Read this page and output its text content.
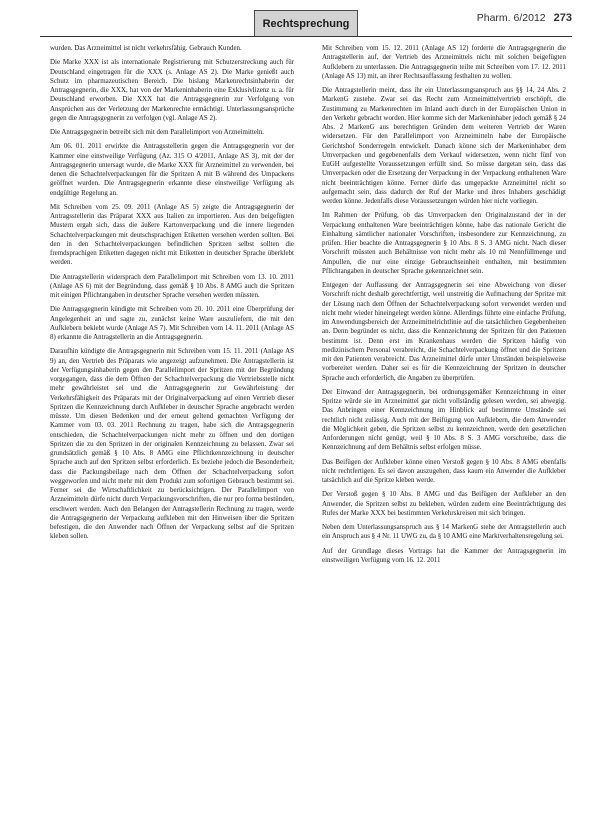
Rechtsprechung	Pharm. 6/2012 273

wurden. Das Arzneimittel ist nicht verkehrsfähig. Gebrauch Kunden.

Die Marke XXX ist als internationale Registrierung mit Schutzerstreckung auch für Deutschland eingetragen für die XXX (s. Anlage AS 2). Die Marke genießt auch Schutz im pharmazeutischen Bereich. Die bislang Markenrechtsinhaberin der Antragsgegnerin, die XXX, hat von der Markeninhaberin eine Exklusivlizenz u. a. für Deutschland erworben. Die XXX hat die Antragsgegnerin zur Verfolgung von Ansprüchen aus der Verletzung der Markenrechte ermächtigt. Unterlassungsansprüche gegen die Antragsgegnerin zu verfolgen (vgl. Anlage AS 2).

Die Antragsgegnerin betreibt sich mit dem Parallelimport von Arzneimitteln.

Am 06. 01. 2011 erwirkte die Antragsstellerin gegen die Antragsgegnerin vor der Kammer eine einstweilige Verfügung (Az. 315 O 4/2011, Anlage AS 3), mit der der Antragsgegnerin untersagt wurde, die Marke XXX für Arzneimittel zu verwenden, bei denen die Schachtelverpackungen für die Spritzen A mit B während des Umpackens geöffnet wurden. Die Antragsgegnerin erkannte diese einstweilige Verfügung als endgültige Regelung an.

Mit Schreiben vom 25. 09. 2011 (Anlage AS 5) zeigte die Antragsgegnerin der Antragsstellerin das Präparat XXX aus Italien zu importieren. Aus den beigefügten Mustern ergab sich, dass die äußere Kartonverpackung und die innere liegenden Schachtelverpackungen mit deutschsprachigen Etiketten versehen werden sollten. Bei den in den Schachtelverpackungen befindlichen Spritzen selbst sollten die fremdsprachigen Etiketten dagegen nicht mit Etiketten in deutscher Sprache überklebt werden.

Die Antragstellerin widersprach dem Parallelimport mit Schreiben vom 13. 10. 2011 (Anlage AS 6) mit der Begründung, dass gemäß § 10 Abs. 8 AMG auch die Spritzen mit einigen Pflichtangaben in deutscher Sprache versehen werden müssten.

Die Antragsgegnerin kündigte mit Schreiben vom 20. 10. 2011 eine Überprüfung der Angelegenheit an und sagte zu, zunächst keine Ware auszuliefern, die mit den Aufklebern beklebt wurde (Anlage AS 7). Mit Schreiben vom 14. 11. 2011 (Anlage AS 8) erkannte die Antragstellerin an die Antragsgegnerin.

Daraufhin kündigte die Antragsgegnerin mit Schreiben vom 15. 11. 2011 (Anlage AS 9) an, den Vertrieb des Präparats wie angezeigt aufzunehmen. Die Antragstellerin ist der Verfügungsinhaberin gegen den Parallelimport der Spritzen mit der Begründung vorgegangen, dass die dem Öffnen der Schachtelverpackung die Vertriebsstelle nicht mehr gewährleistet sei und die Antragsgegnerin zur Gewährleistung der Verkehrsfähigkeit des Präparats mit der Originalverpackung auf einen Vertrieb dieser Spritzen die Kennzeichnung durch Aufkleber in deutscher Sprache angebracht werden müsste. Um diesen Bedenken und der erneut geltend gemachten Verfügung der Kammer vom 03. 03. 2011 Rechnung zu tragen, habe sich die Antragsgegnerin entschieden, die Schachtelverpackungen nicht mehr zu öffnen und den dortigen Spritzen die zu den Spritzen in der originalen Kennzeichnung zu belassen. Zwar sei grundsätzlich gemäß § 10 Abs. 8 AMG eine Pflichtkennzeichnung in deutscher Sprache auch auf den Spritzen selbst erforderlich. Es beziehe jedoch die Besonderheit, dass die Packungsbeilage nach dem Öffnen der Schachtelverpackung sofort weggeworfen und nicht mehr mit dem Produkt zum sofortigen Gebrauch bestimmt sei. Ferner sei die Wirtschaftlichkeit zu berücksichtigen. Der Parallelimport von Arzneimitteln dürfe nicht durch Verpackungsvorschriften, die nur pro forma bestünden, erschwert werden. Auch den Belangen der Antragstellerin Rechnung zu tragen, werde die Antragsgegnerin der Verpackung aufkleben mit den Hinweisen über die Spritzen befestigen, die den Anwender nach Öffnen der Verpackung selbst auf die Spritzen kleben sollen.

Mit Schreiben vom 15. 12. 2011 (Anlage AS 12) forderte die Antragsgegnerin die Antragstellerin auf, der Vertrieb des Arzneimittels nicht mit solchen beigefügten Aufklebern zu unterlassen. Die Antragsgegnerin teilte mit Schreiben vom 17. 12. 2011 (Anlage AS 13) mit, an ihrer Rechtsauffassung festhalten zu wollen.

Die Antragstellerin meint, dass ihr ein Unterlassungsanspruch aus §§ 14, 24 Abs. 2 MarkenG zustehe. Zwar sei das Recht zum Arzneimittelvertrieb erschöpft, die Zustimmung zu Markenrechten im Inland auch durch in der Europäischen Union in den Verkehr gebracht worden. Hier komme sich der Markeninhaber jedoch gemäß § 24 Abs. 2 MarkenG aus berechtigten Gründen dem weiteren Vertrieb der Waren widersetzen. Für den Parallelimport von Arzneimitteln habe der Europäische Gerichtshof Sonderregeln entwickelt. Danach könne sich der Markeninhaber dem Umverpacken und gegebenenfalls dem Verkauf widersetzen, wenn nicht fünf von EuGH aufgestellte Voraussetzungen erfüllt sind. So müsse dargetan sein, dass das Umverpacken oder die Ersetzung der Verpackung in der Verpackung enthaltenen Ware nicht beeinträchtigen könne. Ferner dürfe das umgepackte Arzneimittel nicht so aufgemacht sein, dass dadurch der Ruf der Marke und ihres Inhabers geschädigt werden könne. Jedenfalls diese Voraussetzungen würden hier nicht vorliegen.

Im Rahmen der Prüfung, ob das Umverpacken den Originalzustand der in der Verpackung enthaltenen Ware beeinträchtigen könne, habe das nationale Gericht die Einhaltung sämtlicher nationaler Vorschriften, insbesondere zur Kennzeichnung, zu prüfen. Hier beachte die Antragsgegnerin § 10 Abs. 8 S. 3 AMG nicht. Nach dieser Vorschrift müssten auch Behältnisse von nicht mehr als 10 ml Nennfüllmenge und Ampullen, die nur eine einzige Gebrauchseinheit enthalten, mit bestimmten Pflichtangaben in deutscher Sprache gekennzeichnet sein.

Entgegen der Auffassung der Antragsgegnerin sei eine Abweichung von dieser Vorschrift nicht deshalb gerechtfertigt, weil unstreitig die Aufmachung der Spritze mit der Lösung nach dem Öffnen der Schachtelverpackung sofort verwendet werden und nicht mehr wieder hineingelegt werden könne. Allerdings führte eine einfache Prüfung, im Anwendungsbereich der Arzneimittelrichtlinie auf die tatsächlichen Gegebenheiten an. Denn begründet es nicht, dass die Kennzeichnung der Spritzen für den Patienten bestimmt ist. Denn erst im Krankenhaus werden die Spritzen häufig von medizinischem Personal verabreicht, die Schachtelverpackung öffnet und die Spritzen mit den Patienten verabreicht. Das Arzneimittel dürfe unter Umständen beispielsweise vorbereitet werden. Daher sei es für die Kennzeichnung der Spritzen in deutscher Sprache auch erforderlich, die Angaben zu überprüfen.

Der Einwand der Antragsgegnerin, bei ordnungsgemäßer Kennzeichnung in einer Spritze würde sie im Arzneimittel gar nicht vollständig gelesen werden, sei abwegig. Das Anbringen einer Kennzeichnung im Hinblick auf bestimmte Umstände sei rechtlich nicht zulässig. Auch mit der Beifügung von Aufklebern, die dem Anwender die Möglichkeit geben, die Spritzen selbst zu kennzeichnen, werde den gesetzlichen Anforderungen nicht genügt, weil § 10 Abs. 8 S. 3 AMG vorschreibe, dass die Kennzeichnung auf dem Behältnis selbst erfolgen müsse.

Das Beifügen der Aufkleber könne einen Verstoß gegen § 10 Abs. 8 AMG ebenfalls nicht rechtfertigen. Es sei davon auszugehen, dass kaum ein Anwender die Aufkleber tatsächlich auf die Spritze kleben werde.

Der Verstoß gegen § 10 Abs. 8 AMG und das Beifügen der Aufkleber an den Anwender, die Spritzen selbst zu bekleben, würden zudem eine Beeinträchtigung des Rufes der Marke XXX bei bestimmten Verkehrskreisen mit sich bringen.

Neben dem Unterlassungsanspruch aus § 14 MarkenG stehe der Antragstellerin auch ein Anspruch aus § 4 Nr. 11 UWG zu, da § 10 AMG eine Marktverhaltensregelung sei.

Auf der Grundlage dieses Vortrags hat die Kammer der Antragsgegnerin im einstweiligen Verfügung vom 16. 12. 2011
